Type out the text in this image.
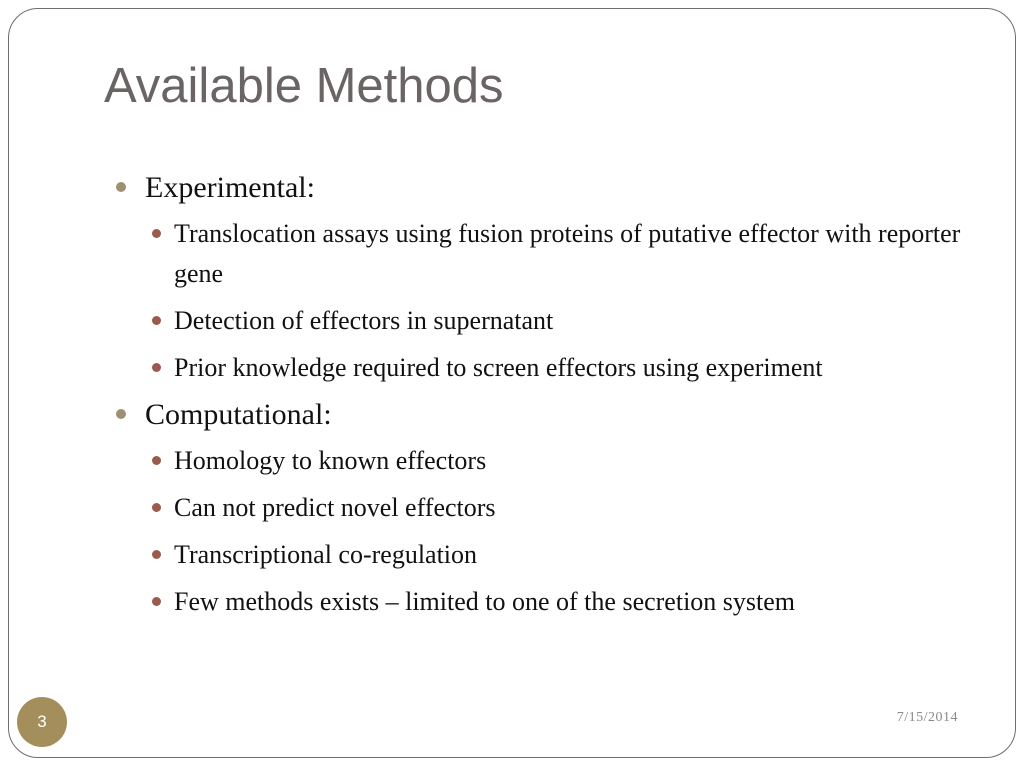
Available Methods
Experimental:
Translocation assays using fusion proteins of putative effector with reporter gene
Detection of effectors in supernatant
Prior knowledge required to screen effectors using experiment
Computational:
Homology to known effectors
Can not predict novel effectors
Transcriptional co-regulation
Few methods exists – limited to one of the secretion system
3	7/15/2014
